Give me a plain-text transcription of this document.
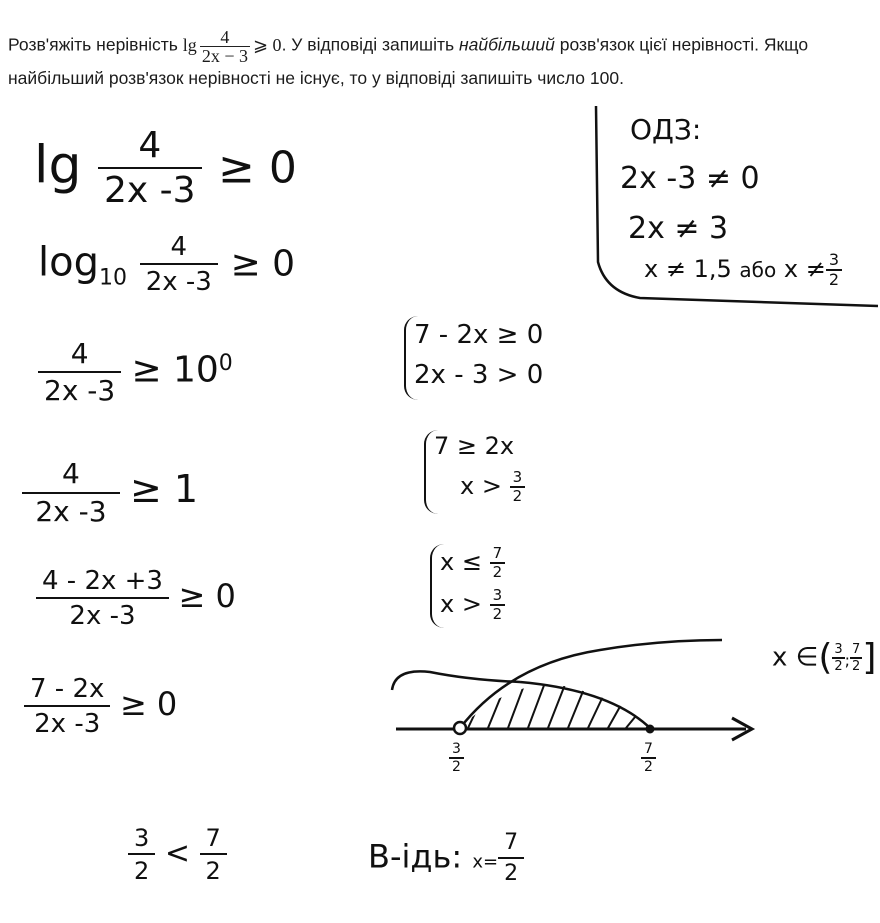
Розв'яжіть нерівність $\lg \frac{4}{2x - 3}$ ⩾ 0. У відповіді запишіть найбільший розв'язок цієї нерівності. Якщо найбільший розв'язок нерівності не існує, то у відповіді запишіть число 100.
$\lg \frac{4}{2x -3} \ge 0$
$\log_{10} \frac{4}{2x -3} \ge 0$
$\frac{4}{2x -3} \ge 10^0$
$\frac{4}{2x -3} \ge 1$
$\frac{4 - 2x +3}{2x -3} \ge 0$
$\frac{7 - 2x}{2x -3} \ge 0$
$\frac{3}{2} < \frac{7}{2}$	В-ідь: $x= \frac{7}{2}$
ОДЗ:
2x -3 ≠ 0
2x ≠ 3
x ≠ 1,5 або $x \ne \frac{3}{2}$
7 - 2x ≥ 0
2x - 3 > 0
7 ≥ 2x
$x > \frac{3}{2}$
$x \le \frac{7}{2}$
$x > \frac{3}{2}$
$\frac{3}{2}$	$\frac{7}{2}$
x ∈( $\frac{3}{2}$ ; $\frac{7}{2}$ ]
